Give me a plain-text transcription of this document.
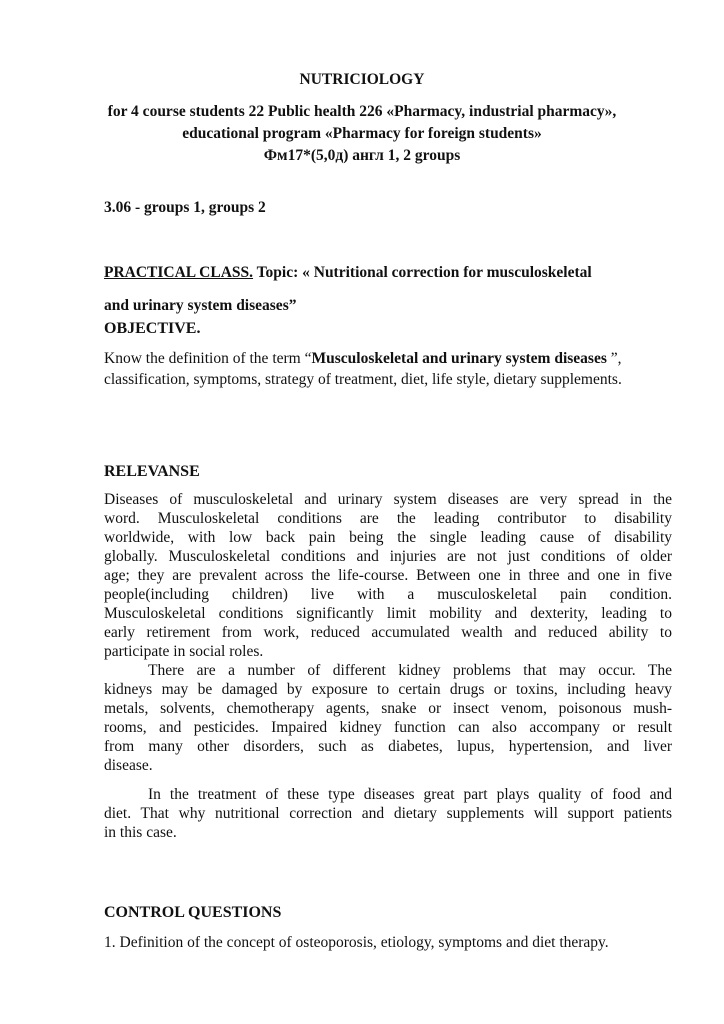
NUTRICIOLOGY
for 4 course students 22 Public health 226 «Pharmacy, industrial pharmacy»,
educational program «Pharmacy for foreign students»
Фм17*(5,0д) англ 1, 2 groups
3.06 - groups 1, groups 2
PRACTICAL CLASS. Topic: « Nutritional correction for musculoskeletal
and urinary system diseases”
OBJECTIVE.
Know the definition of the term “Musculoskeletal and urinary system diseases ”,
classification, symptoms, strategy of treatment, diet, life style, dietary supplements.
RELEVANSE
Diseases of musculoskeletal and urinary system diseases are very spread in the
word. Musculoskeletal conditions are the leading contributor to disability
worldwide, with low back pain being the single leading cause of disability
globally. Musculoskeletal conditions and injuries are not just conditions of older
age; they are prevalent across the life-course. Between one in three and one in five
people(including children) live with a musculoskeletal pain condition.
Musculoskeletal conditions significantly limit mobility and dexterity, leading to
early retirement from work, reduced accumulated wealth and reduced ability to
participate in social roles.
There are a number of different kidney problems that may occur. The
kidneys may be damaged by exposure to certain drugs or toxins, including heavy
metals, solvents, chemotherapy agents, snake or insect venom, poisonous mush-
rooms, and pesticides. Impaired kidney function can also accompany or result
from many other disorders, such as diabetes, lupus, hypertension, and liver
disease.
In the treatment of these type diseases great part plays quality of food and
diet. That why nutritional correction and dietary supplements will support patients
in this case.
CONTROL QUESTIONS
1. Definition of the concept of osteoporosis, etiology, symptoms and diet therapy.
